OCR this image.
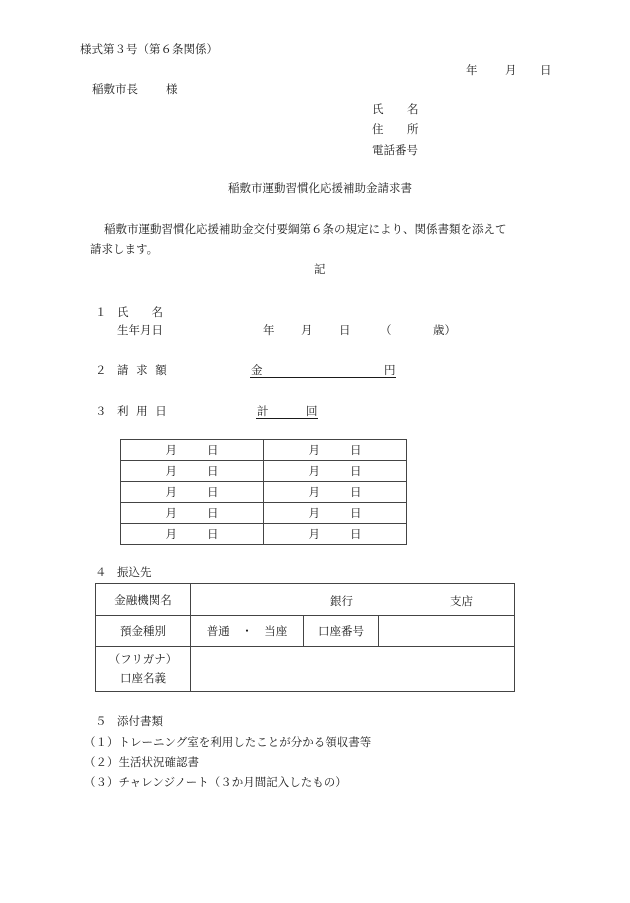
様式第３号（第６条関係）
年 月 日
稲敷市長 様
氏　名
住　所
電話番号
稲敷市運動習慣化応援補助金請求書
稲敷市運動習慣化応援補助金交付要綱第６条の規定により、関係書類を添えて
請求します。
記
１ 氏　　名
生年月日	年 月 日	（	歳）
２ 請 求 額	金	円
３ 利 用 日	計	回
月 日	月 日
月 日	月 日
月 日	月 日
月 日	月 日
月 日	月 日
４ 振込先
金融機関名	銀行 支店		

預金種別	普通　・　当座	口座番号	

（フリガナ）
口座名義			

５ 添付書類
（１）トレーニング室を利用したことが分かる領収書等
（２）生活状況確認書
（３）チャレンジノート（３か月間記入したもの）
